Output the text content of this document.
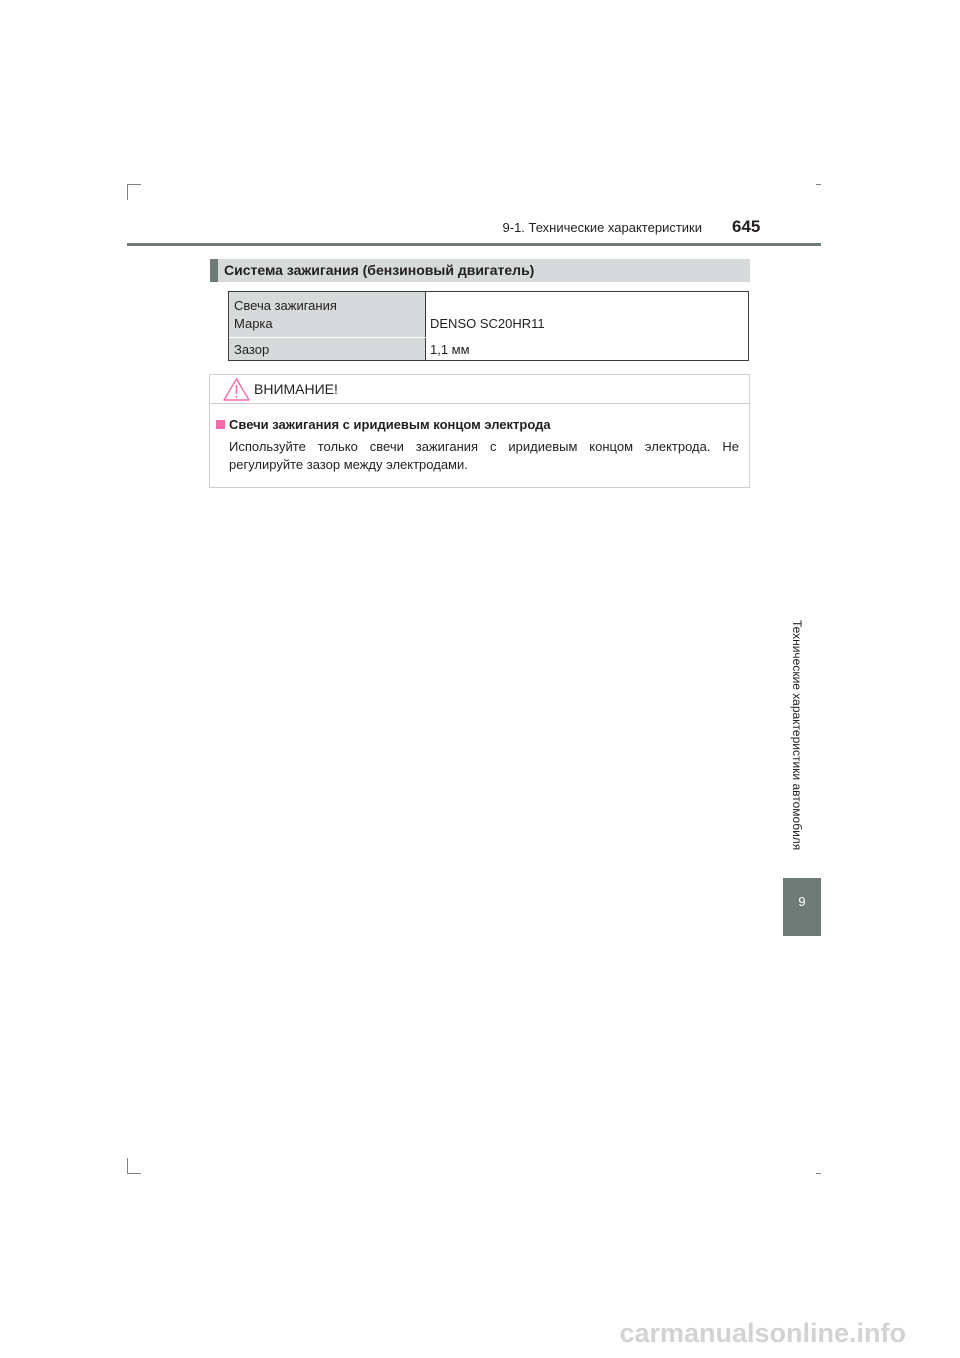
9-1. Технические характеристики 645
Система зажигания (бензиновый двигатель)
Свеча зажигания
Марка	DENSO SC20HR11
Зазор	1,1 мм
ВНИМАНИЕ!
Свечи зажигания с иридиевым концом электрода
Используйте только свечи зажигания с иридиевым концом электрода. Не регулируйте зазор между электродами.
Технические характеристики автомобиля
9
carmanualsonline.info
